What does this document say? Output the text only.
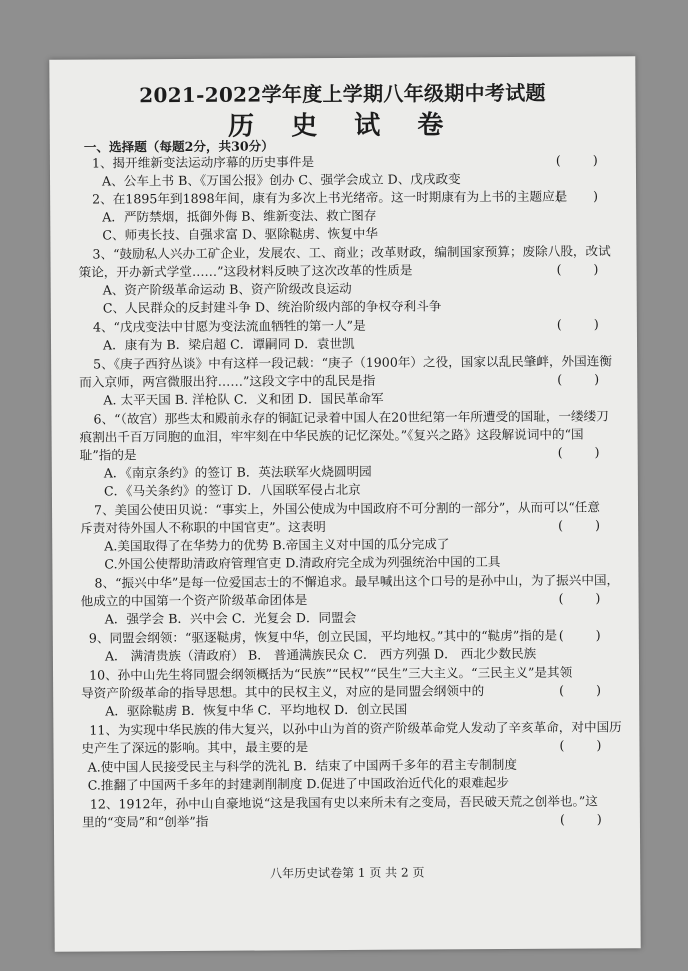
2021-2022学年度上学期八年级期中考试题
历 史 试 卷
一、选择题（每题2分，共30分）
1、揭开维新变法运动序幕的历史事件是
A、公车上书 B、《万国公报》创办 C、强学会成立 D、戊戌政变
2、在1895年到1898年间，康有为多次上书光绪帝。这一时期康有为上书的主题应是
A．严防禁烟，抵御外侮 B、维新变法、救亡图存
C、师夷长技、自强求富 D、驱除鞑虏、恢复中华
3、“鼓励私人兴办工矿企业，发展农、工、商业；改革财政，编制国家预算；废除八股，改试
策论，开办新式学堂……”这段材料反映了这次改革的性质是
A、资产阶级革命运动 B、资产阶级改良运动
C、人民群众的反封建斗争 D、统治阶级内部的争权夺利斗争
4、“戊戌变法中甘愿为变法流血牺牲的第一人”是
A．康有为 B．梁启超 C．谭嗣同 D．袁世凯
5、《庚子西狩丛谈》中有这样一段记载：“庚子（1900年）之役，国家以乱民肇衅，外国连衡
而入京师，两宫微服出狩……”这段文字中的乱民是指
A. 太平天国 B. 洋枪队 C．义和团 D．国民革命军
6、“（故宫）那些太和殿前永存的铜缸记录着中国人在20世纪第一年所遭受的国耻，一缕缕刀
痕割出千百万同胞的血泪，牢牢刻在中华民族的记忆深处。”《复兴之路》这段解说词中的“国
耻”指的是
A．《南京条约》的签订 B．英法联军火烧圆明园
C．《马关条约》的签订 D．八国联军侵占北京
7、美国公使田贝说：“事实上，外国公使成为中国政府不可分割的一部分”，从而可以“任意
斥责对待外国人不称职的中国官吏”。这表明
A.美国取得了在华势力的优势 B.帝国主义对中国的瓜分完成了
C.外国公使帮助清政府管理官吏 D.清政府完全成为列强统治中国的工具
8、“振兴中华”是每一位爱国志士的不懈追求。最早喊出这个口号的是孙中山，为了振兴中国，
他成立的中国第一个资产阶级革命团体是
A．强学会 B．兴中会 C．光复会 D．同盟会
9、同盟会纲领：“驱逐鞑虏，恢复中华，创立民国，平均地权。”其中的“鞑虏”指的是
A． 满清贵族（清政府） B． 普通满族民众 C． 西方列强 D． 西北少数民族
10、孙中山先生将同盟会纲领概括为“民族”“民权”“民生”三大主义。“三民主义”是其领
导资产阶级革命的指导思想。其中的民权主义，对应的是同盟会纲领中的
A．驱除鞑虏 B．恢复中华 C．平均地权 D．创立民国
11、为实现中华民族的伟大复兴，以孙中山为首的资产阶级革命党人发动了辛亥革命，对中国历
史产生了深远的影响。其中，最主要的是
A.使中国人民接受民主与科学的洗礼 B．结束了中国两千多年的君主专制制度
C.推翻了中国两千多年的封建剥削制度 D.促进了中国政治近代化的艰难起步
12、1912年，孙中山自豪地说“这是我国有史以来所未有之变局，吾民破天荒之创举也。”这
里的“变局”和“创举”指
(        )
(        )
(        )
(        )
(        )
(        )
(        )
(        )
(        )
(        )
(        )
(        )
八年历史试卷第 1 页 共 2 页
